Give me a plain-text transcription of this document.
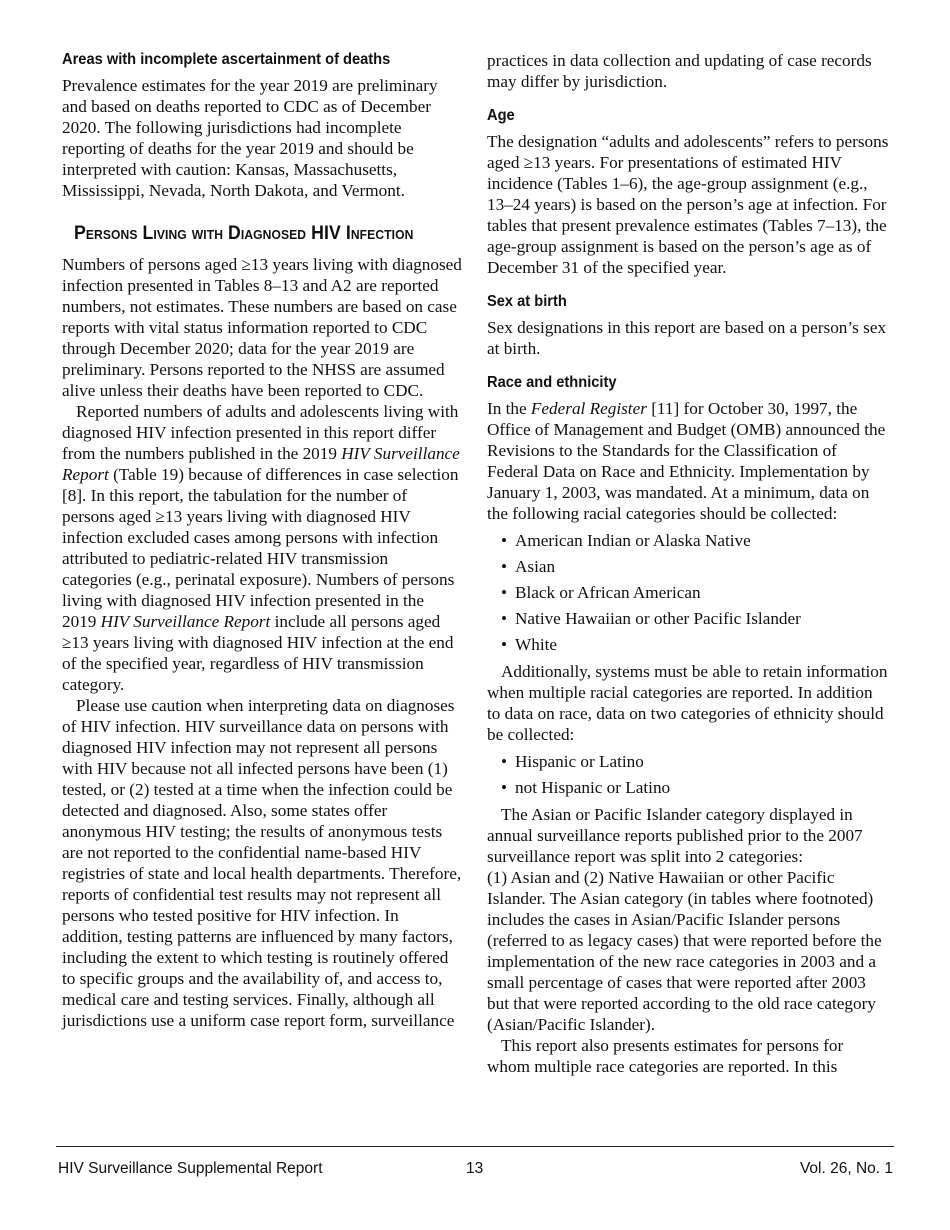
Areas with incomplete ascertainment of deaths

Prevalence estimates for the year 2019 are preliminary and based on deaths reported to CDC as of December 2020. The following jurisdictions had incomplete reporting of deaths for the year 2019 and should be interpreted with caution: Kansas, Massachusetts, Mississippi, Nevada, North Dakota, and Vermont.

Persons Living with Diagnosed HIV Infection

Numbers of persons aged ≥13 years living with diagnosed infection presented in Tables 8–13 and A2 are reported numbers, not estimates. These numbers are based on case reports with vital status information reported to CDC through December 2020; data for the year 2019 are preliminary. Persons reported to the NHSS are assumed alive unless their deaths have been reported to CDC.

Reported numbers of adults and adolescents living with diagnosed HIV infection presented in this report differ from the numbers published in the 2019 HIV Surveillance Report (Table 19) because of differences in case selection [8]. In this report, the tabulation for the number of persons aged ≥13 years living with diagnosed HIV infection excluded cases among persons with infection attributed to pediatric-related HIV transmission categories (e.g., perinatal exposure). Numbers of persons living with diagnosed HIV infection presented in the 2019 HIV Surveillance Report include all persons aged ≥13 years living with diagnosed HIV infection at the end of the specified year, regardless of HIV transmission category.

Please use caution when interpreting data on diagnoses of HIV infection. HIV surveillance data on persons with diagnosed HIV infection may not represent all persons with HIV because not all infected persons have been (1) tested, or (2) tested at a time when the infection could be detected and diagnosed. Also, some states offer anonymous HIV testing; the results of anonymous tests are not reported to the confidential name-based HIV registries of state and local health departments. Therefore, reports of confidential test results may not represent all persons who tested positive for HIV infection. In addition, testing patterns are influenced by many factors, including the extent to which testing is routinely offered to specific groups and the availability of, and access to, medical care and testing services. Finally, although all jurisdictions use a uniform case report form, surveillance

practices in data collection and updating of case records may differ by jurisdiction.

Age

The designation “adults and adolescents” refers to persons aged ≥13 years. For presentations of estimated HIV incidence (Tables 1–6), the age-group assignment (e.g., 13–24 years) is based on the person’s age at infection. For tables that present prevalence estimates (Tables 7–13), the age-group assignment is based on the person’s age as of December 31 of the specified year.

Sex at birth

Sex designations in this report are based on a person’s sex at birth.

Race and ethnicity

In the Federal Register [11] for October 30, 1997, the Office of Management and Budget (OMB) announced the Revisions to the Standards for the Classification of Federal Data on Race and Ethnicity. Implementation by January 1, 2003, was mandated. At a minimum, data on the following racial categories should be collected:

• American Indian or Alaska Native
• Asian
• Black or African American
• Native Hawaiian or other Pacific Islander
• White

Additionally, systems must be able to retain information when multiple racial categories are reported. In addition to data on race, data on two categories of ethnicity should be collected:

• Hispanic or Latino
• not Hispanic or Latino

The Asian or Pacific Islander category displayed in annual surveillance reports published prior to the 2007 surveillance report was split into 2 categories:

(1) Asian and (2) Native Hawaiian or other Pacific Islander. The Asian category (in tables where footnoted) includes the cases in Asian/Pacific Islander persons (referred to as legacy cases) that were reported before the implementation of the new race categories in 2003 and a small percentage of cases that were reported after 2003 but that were reported according to the old race category (Asian/Pacific Islander).

This report also presents estimates for persons for whom multiple race categories are reported. In this

HIV Surveillance Supplemental Report	13	Vol. 26, No. 1
